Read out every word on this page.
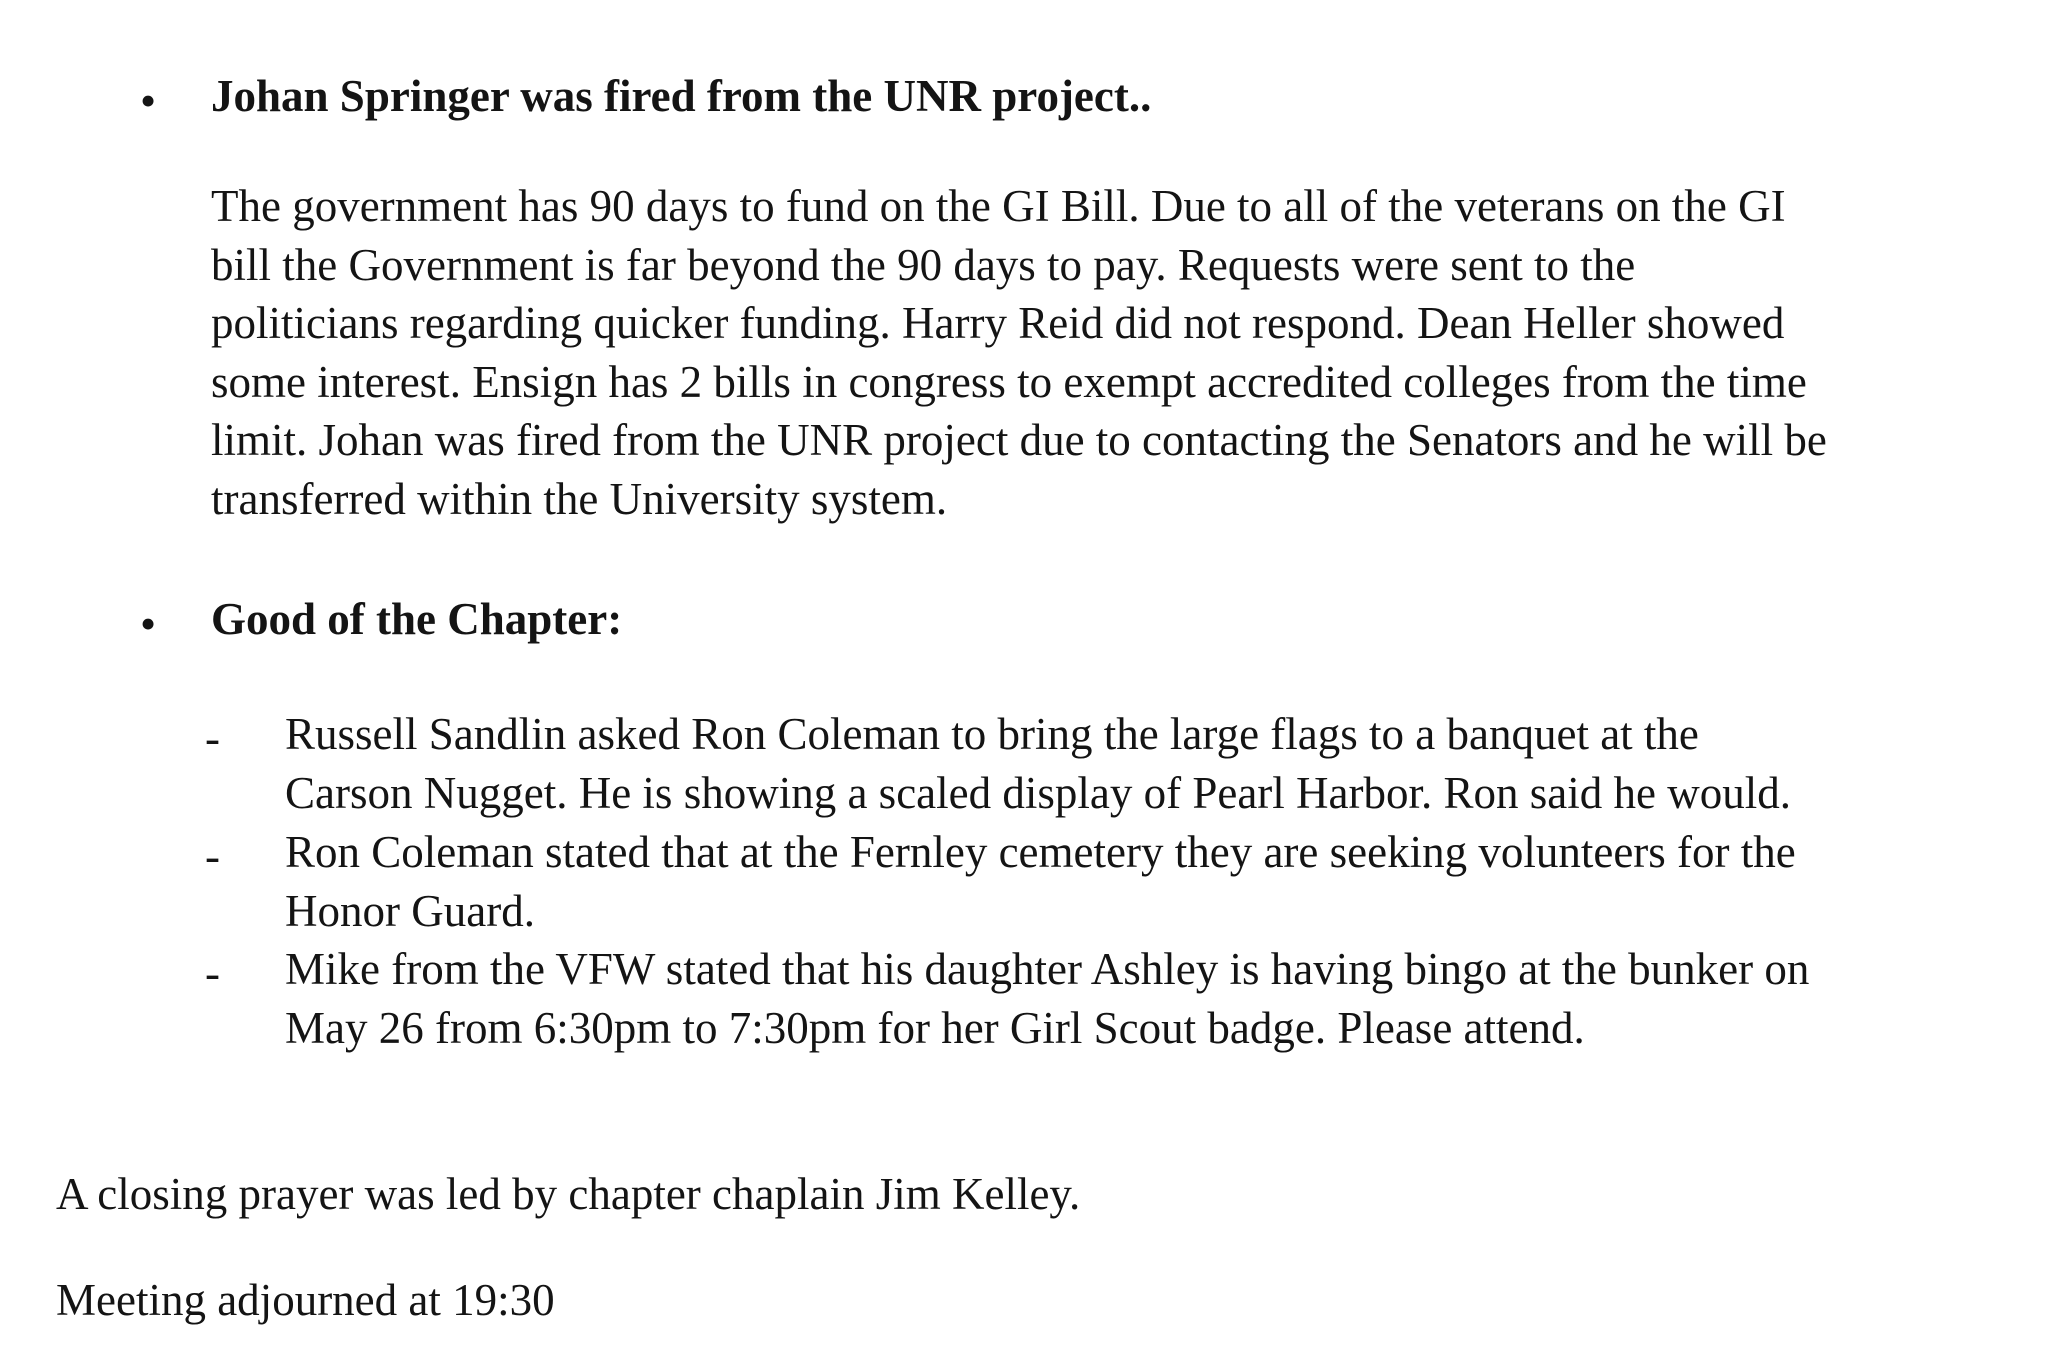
• Johan Springer was fired from the UNR project..
The government has 90 days to fund on the GI Bill. Due to all of the veterans on the GI
bill the Government is far beyond the 90 days to pay. Requests were sent to the
politicians regarding quicker funding. Harry Reid did not respond. Dean Heller showed
some interest. Ensign has 2 bills in congress to exempt accredited colleges from the time
limit. Johan was fired from the UNR project due to contacting the Senators and he will be
transferred within the University system.
• Good of the Chapter:
- Russell Sandlin asked Ron Coleman to bring the large flags to a banquet at the
Carson Nugget. He is showing a scaled display of Pearl Harbor. Ron said he would.
- Ron Coleman stated that at the Fernley cemetery they are seeking volunteers for the
Honor Guard.
- Mike from the VFW stated that his daughter Ashley is having bingo at the bunker on
May 26 from 6:30pm to 7:30pm for her Girl Scout badge. Please attend.
A closing prayer was led by chapter chaplain Jim Kelley.
Meeting adjourned at 19:30
